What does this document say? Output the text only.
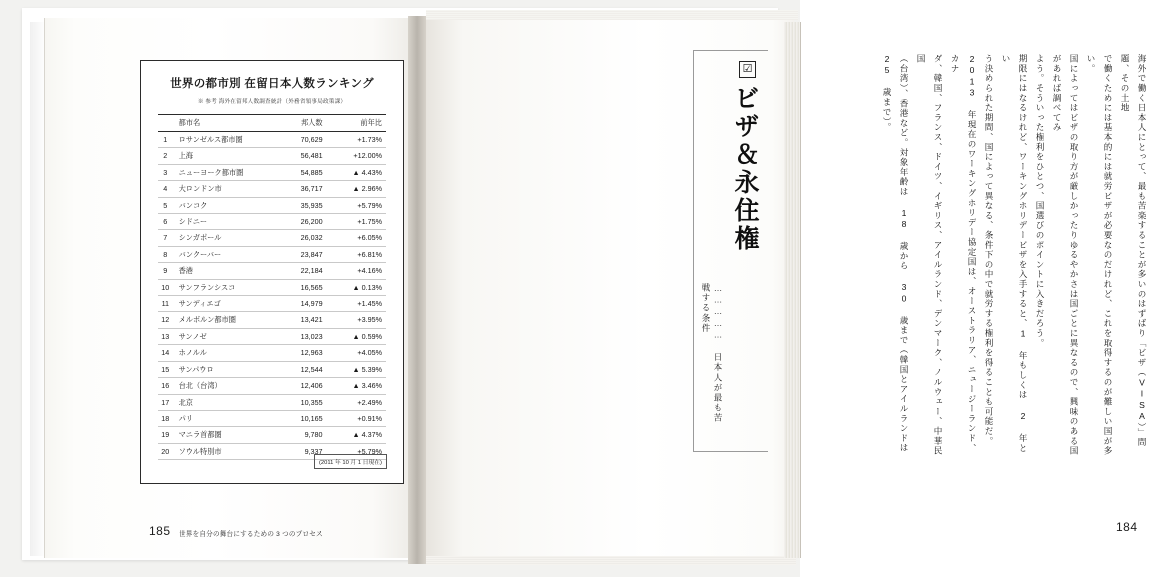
世界の都市別 在留日本人数ランキング
※ 参考 海外在留邦人数調査統計（外務省領事局政策課）
	都市名	邦人数	前年比
1	ロサンゼルス都市圏	70,629	+1.73%
2	上海	56,481	+12.00%
3	ニューヨーク都市圏	54,885	▲ 4.43%
4	大ロンドン市	36,717	▲ 2.96%
5	バンコク	35,935	+5.79%
6	シドニー	26,200	+1.75%
7	シンガポール	26,032	+6.05%
8	バンクーバー	23,847	+6.81%
9	香港	22,184	+4.16%
10	サンフランシスコ	16,565	▲ 0.13%
11	サンディエゴ	14,979	+1.45%
12	メルボルン都市圏	13,421	+3.95%
13	サンノゼ	13,023	▲ 0.59%
14	ホノルル	12,963	+4.05%
15	サンパウロ	12,544	▲ 5.39%
16	台北（台湾）	12,406	▲ 3.46%
17	北京	10,355	+2.49%
18	パリ	10,165	+0.91%
19	マニラ首都圏	9,780	▲ 4.37%
20	ソウル特別市	9,337	+5.79%
(2011 年 10 月 1 日現在)
185 世界を自分の舞台にするための 3 つのプロセス
☑
ビザ＆永住権
…………… 日本人が最も苦戦する条件	海外で働く日本人にとって、最も苦楽することが多いのはずばり「ビザ（VISA）」問題、その土地
で働くためには基本的には就労ビザが必要なのだけれど、これを取得するのが難しい国が多い。
国によってはビザの取り方が厳しかったりゆるやかさは国ごとに異なるので、興味のある国があれば調べてみ
よう。そういった権利をひとつ、国選びのポイントに入きだろう。
期限にはなるけれど、ワーキングホリデービザを入手すると、1 年もしくは 2 年とい
う決められた期間、国によって異なる、条件下の中で就労する権利を得ることも可能だ。
2013 年現在のワーキングホリデー協定国は、オーストラリア、ニュージーランド、カナ
ダ、韓国、フランス、ドイツ、イギリス、アイルランド、デンマーク、ノルウェー、中華民国
（台湾）、香港など。対象年齢は 18 歳から 30 歳まで（韓国とアイルランドは 25 歳まで）。
184
